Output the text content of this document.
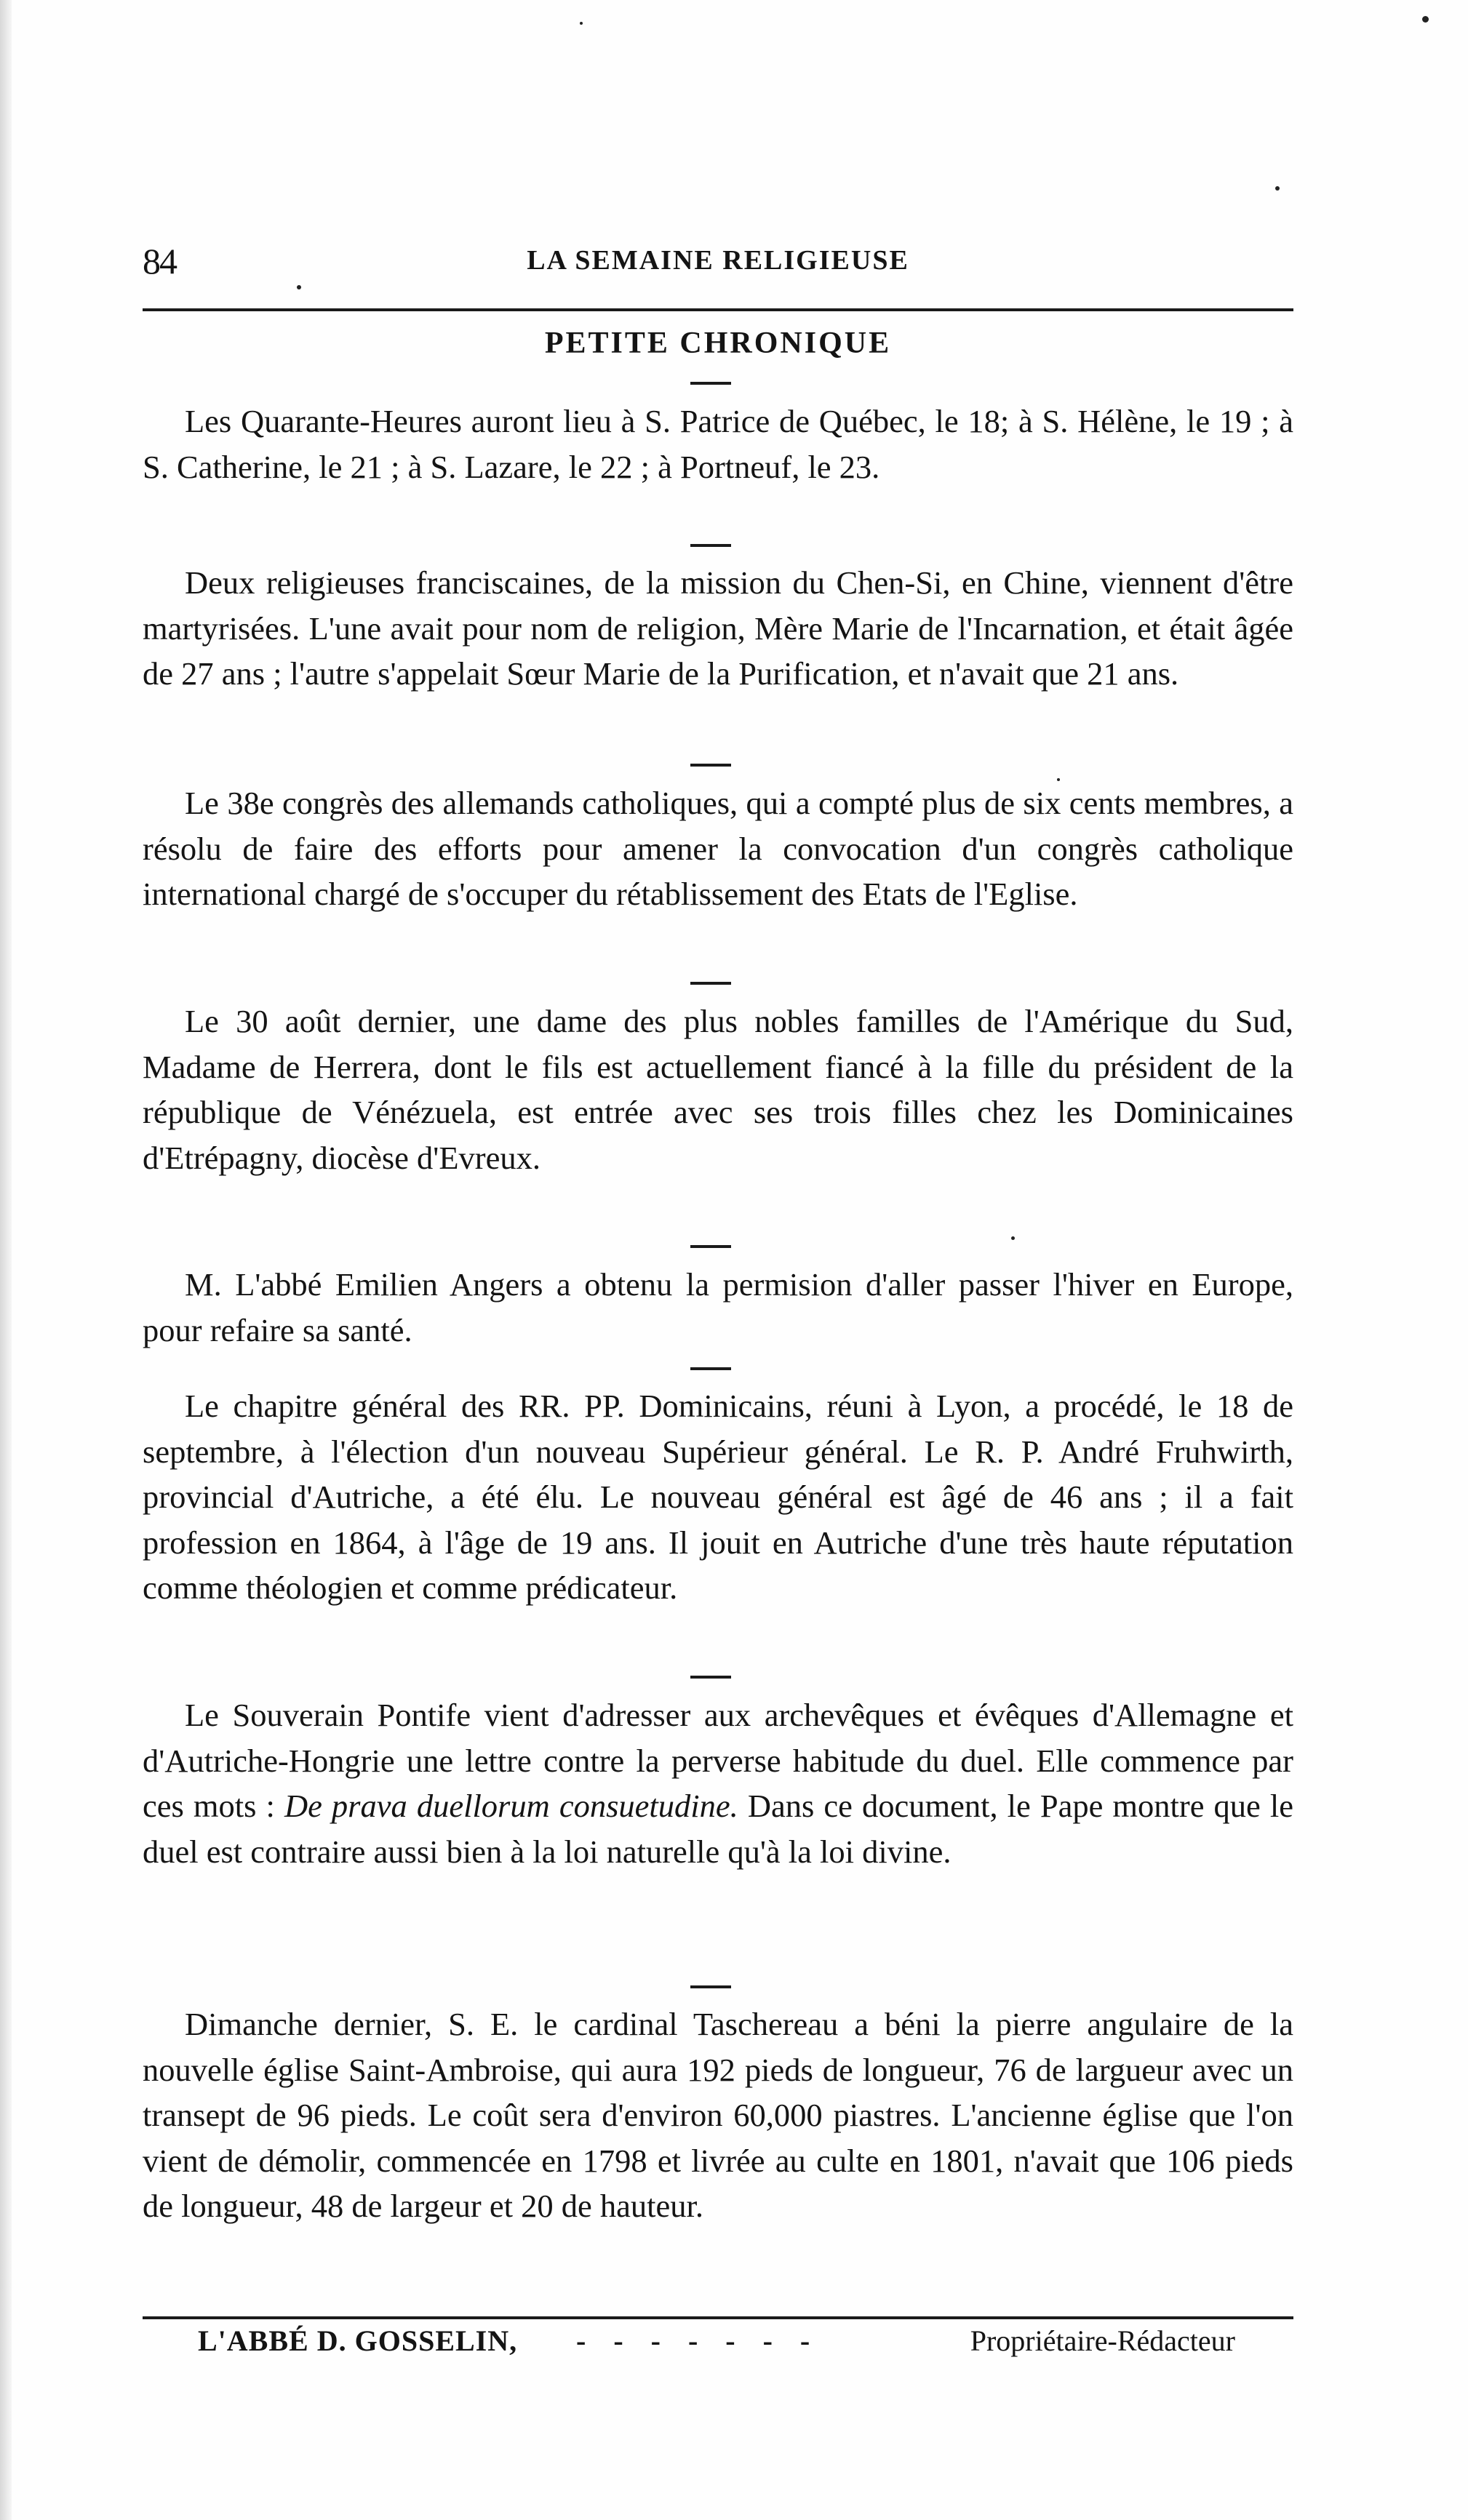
84	LA SEMAINE RELIGIEUSE
PETITE CHRONIQUE

Les Quarante-Heures auront lieu à S. Patrice de Québec, le 18; à S. Hélène, le 19 ; à S. Catherine, le 21 ; à S. Lazare, le 22 ; à Portneuf, le 23.

Deux religieuses franciscaines, de la mission du Chen-Si, en Chine, viennent d'être martyrisées. L'une avait pour nom de religion, Mère Marie de l'Incarnation, et était âgée de 27 ans ; l'autre s'appelait Sœur Marie de la Purification, et n'avait que 21 ans.

Le 38e congrès des allemands catholiques, qui a compté plus de six cents membres, a résolu de faire des efforts pour amener la convocation d'un congrès catholique international chargé de s'occuper du rétablissement des Etats de l'Eglise.

Le 30 août dernier, une dame des plus nobles familles de l'Amérique du Sud, Madame de Herrera, dont le fils est actuellement fiancé à la fille du président de la république de Vénézuela, est entrée avec ses trois filles chez les Dominicaines d'Etrépagny, diocèse d'Evreux.

M. L'abbé Emilien Angers a obtenu la permision d'aller passer l'hiver en Europe, pour refaire sa santé.

Le chapitre général des RR. PP. Dominicains, réuni à Lyon, a procédé, le 18 de septembre, à l'élection d'un nouveau Supérieur général. Le R. P. André Fruhwirth, provincial d'Autriche, a été élu. Le nouveau général est âgé de 46 ans ; il a fait profession en 1864, à l'âge de 19 ans. Il jouit en Autriche d'une très haute réputation comme théologien et comme prédicateur.

Le Souverain Pontife vient d'adresser aux archevêques et évêques d'Allemagne et d'Autriche-Hongrie une lettre contre la perverse habitude du duel. Elle commence par ces mots : De prava duellorum consuetudine. Dans ce document, le Pape montre que le duel est contraire aussi bien à la loi naturelle qu'à la loi divine.

Dimanche dernier, S. E. le cardinal Taschereau a béni la pierre angulaire de la nouvelle église Saint-Ambroise, qui aura 192 pieds de longueur, 76 de largueur avec un transept de 96 pieds. Le coût sera d'environ 60,000 piastres. L'ancienne église que l'on vient de démolir, commencée en 1798 et livrée au culte en 1801, n'avait que 106 pieds de longueur, 48 de largeur et 20 de hauteur.

L'ABBÉ D. GOSSELIN, - - - - - - -	Propriétaire-Rédacteur
